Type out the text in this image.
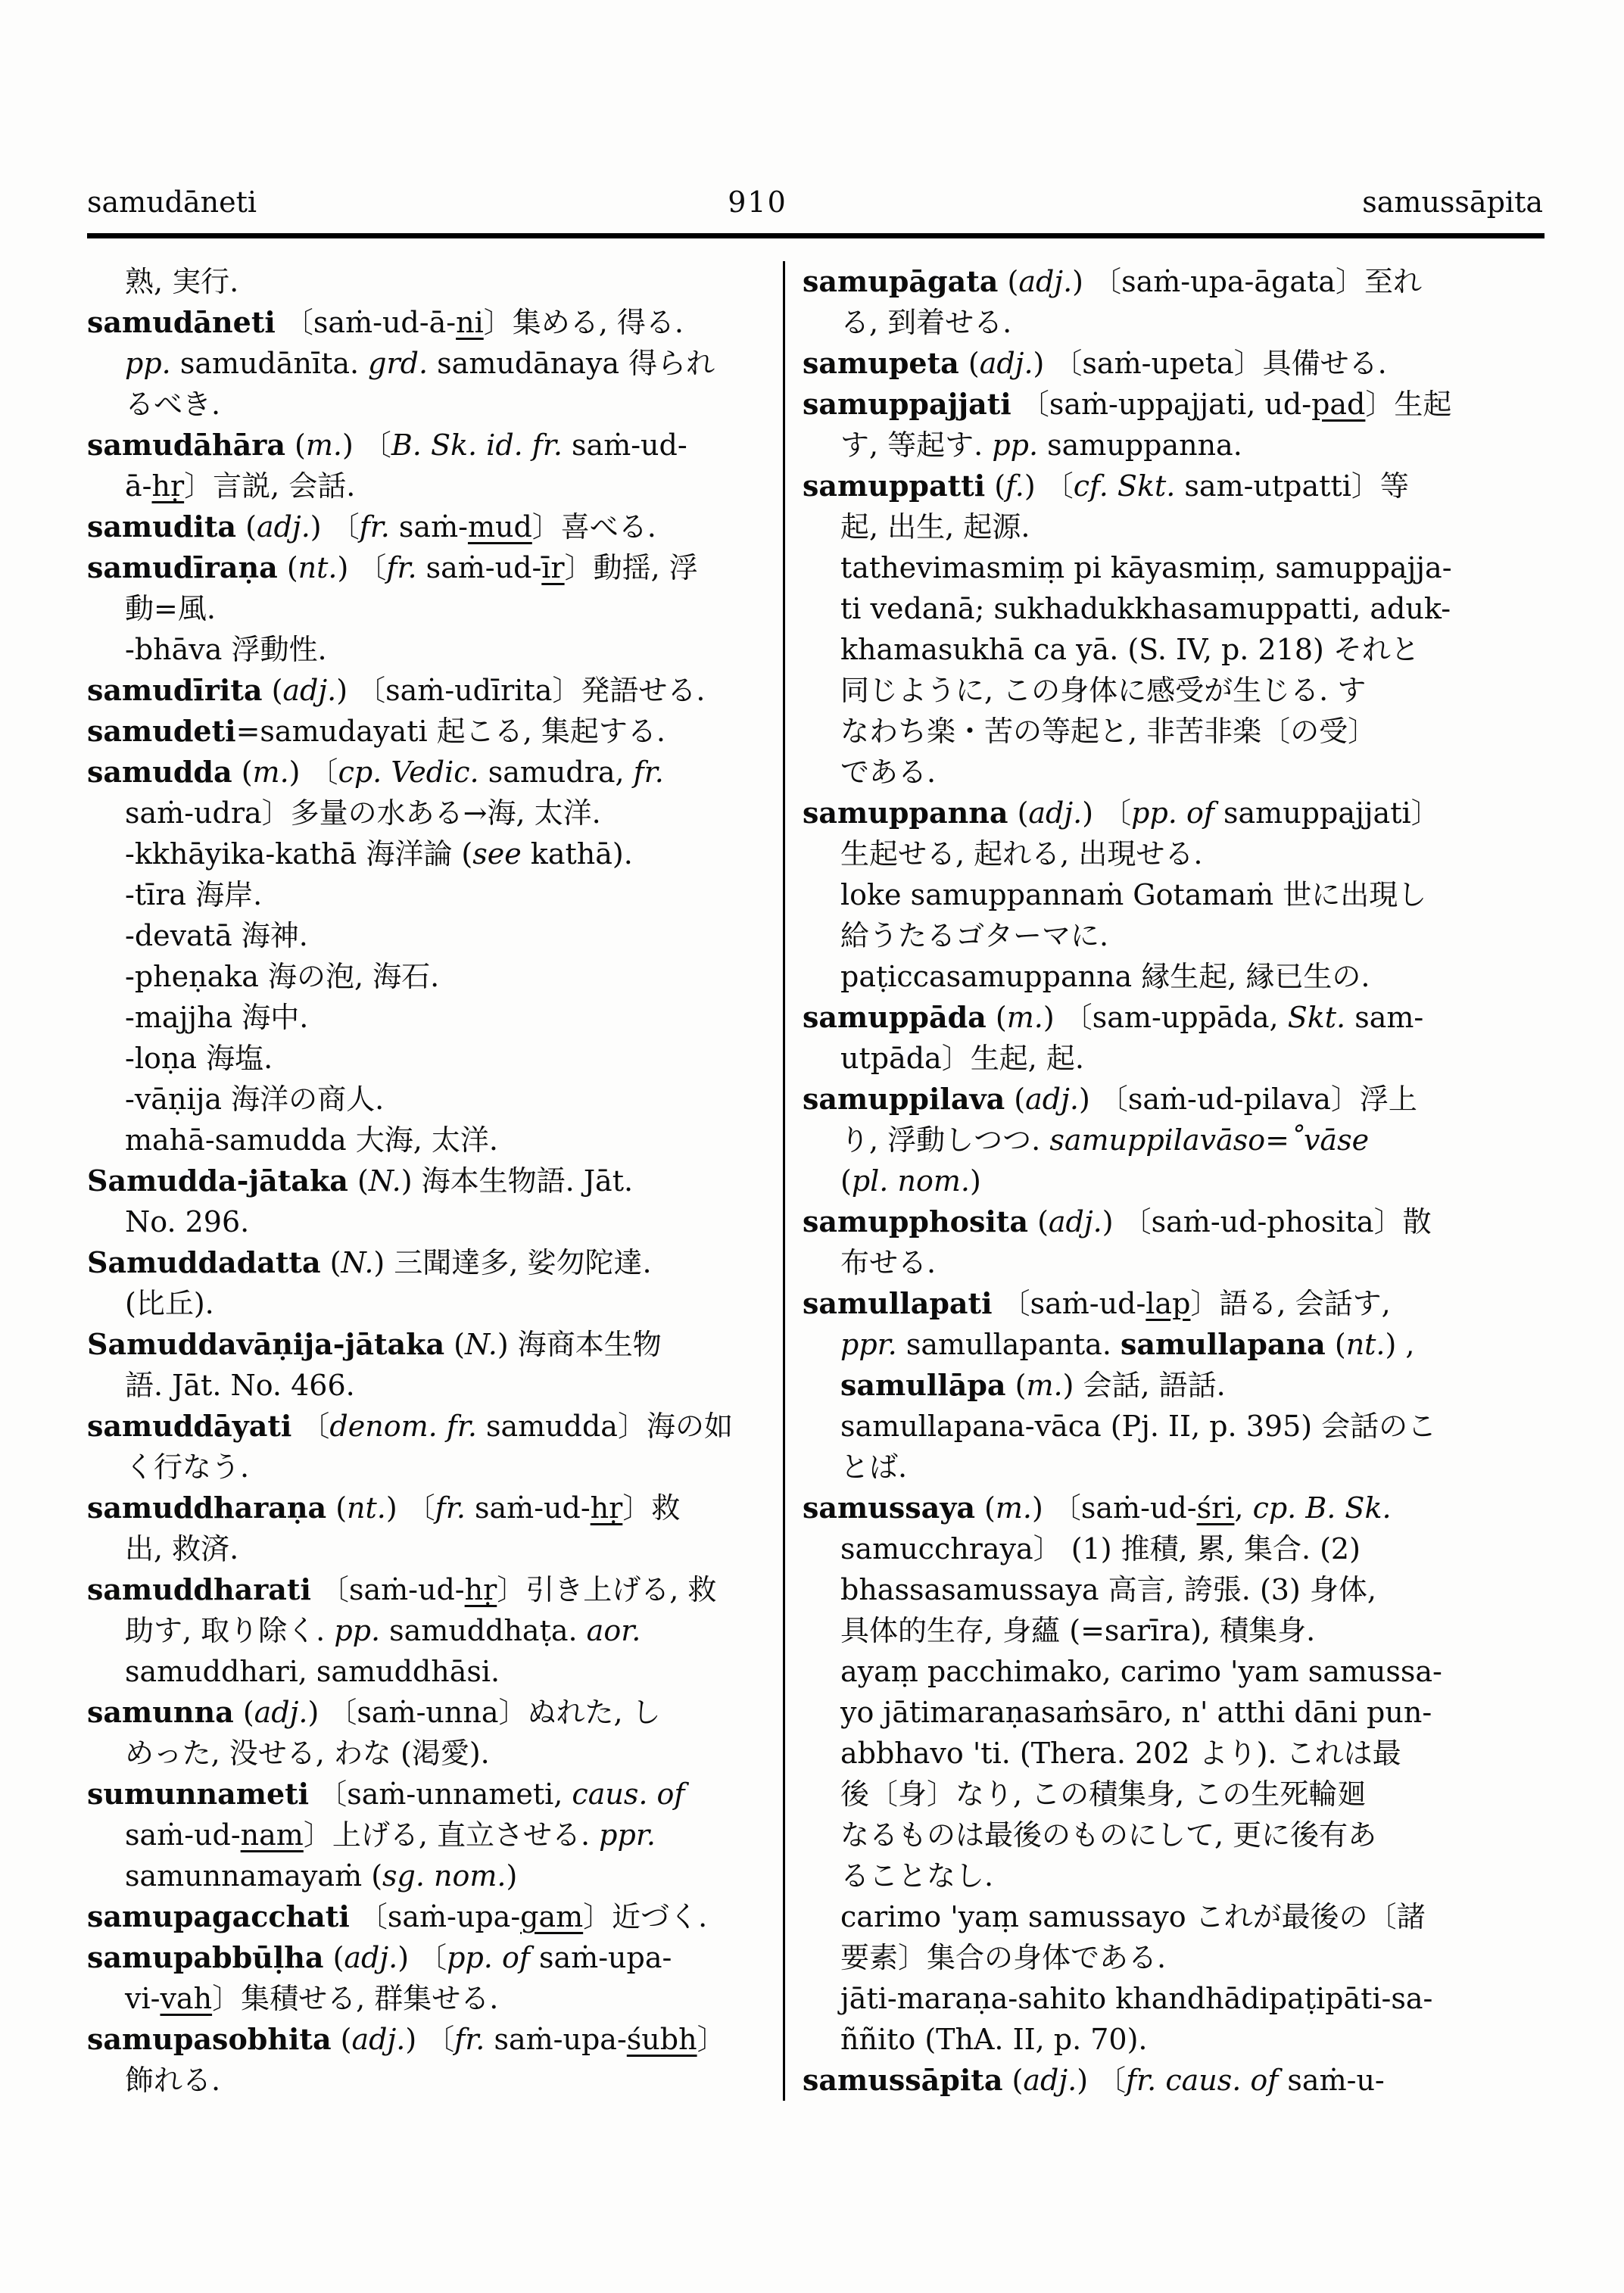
samudāneti	910	samussāpita
熟, 実行.
samudāneti 〔saṁ-ud-ā-ni〕集める, 得る.
pp. samudānīta. grd. samudānaya 得られ
るべき.
samudāhāra (m.) 〔B. Sk. id. fr. saṁ-ud-
ā-hṛ〕言説, 会話.
samudita (adj.) 〔fr. saṁ-mud〕喜べる.
samudīraṇa (nt.) 〔fr. saṁ-ud-īr〕動揺, 浮
動=風.
-bhāva 浮動性.
samudīrita (adj.) 〔saṁ-udīrita〕発語せる.
samudeti=samudayati 起こる, 集起する.
samudda (m.) 〔cp. Vedic. samudra, fr.
saṁ-udra〕多量の水ある→海, 太洋.
-kkhāyika-kathā 海洋論 (see kathā).
-tīra 海岸.
-devatā 海神.
-pheṇaka 海の泡, 海石.
-majjha 海中.
-loṇa 海塩.
-vāṇija 海洋の商人.
mahā-samudda 大海, 太洋.
Samudda-jātaka (N.) 海本生物語. Jāt.
No. 296.
Samuddadatta (N.) 三聞達多, 娑勿陀達.
(比丘).
Samuddavāṇija-jātaka (N.) 海商本生物
語. Jāt. No. 466.
samuddāyati 〔denom. fr. samudda〕海の如
く行なう.
samuddharaṇa (nt.) 〔fr. saṁ-ud-hṛ〕救
出, 救済.
samuddharati 〔saṁ-ud-hṛ〕引き上げる, 救
助す, 取り除く. pp. samuddhaṭa. aor.
samuddhari, samuddhāsi.
samunna (adj.) 〔saṁ-unna〕ぬれた, し
めった, 没せる, わな (渇愛).
sumunnameti 〔saṁ-unnameti, caus. of
saṁ-ud-nam〕上げる, 直立させる. ppr.
samunnamayaṁ (sg. nom.)
samupagacchati 〔saṁ-upa-gam〕近づく.
samupabbūḷha (adj.) 〔pp. of saṁ-upa-
vi-vah〕集積せる, 群集せる.
samupasobhita (adj.) 〔fr. saṁ-upa-śubh〕
飾れる.
samupāgata (adj.) 〔saṁ-upa-āgata〕至れ
る, 到着せる.
samupeta (adj.) 〔saṁ-upeta〕具備せる.
samuppajjati 〔saṁ-uppajjati, ud-pad〕生起
す, 等起す. pp. samuppanna.
samuppatti (f.) 〔cf. Skt. sam-utpatti〕等
起, 出生, 起源.
tathevimasmiṃ pi kāyasmiṃ, samuppajja-
ti vedanā; sukhadukkhasamuppatti, aduk-
khamasukhā ca yā. (S. IV, p. 218) それと
同じように, この身体に感受が生じる. す
なわち楽・苦の等起と, 非苦非楽〔の受〕
である.
samuppanna (adj.) 〔pp. of samuppajjati〕
生起せる, 起れる, 出現せる.
loke samuppannaṁ Gotamaṁ 世に出現し
給うたるゴターマに.
paṭiccasamuppanna 縁生起, 縁已生の.
samuppāda (m.) 〔sam-uppāda, Skt. sam-
utpāda〕生起, 起.
samuppilava (adj.) 〔saṁ-ud-pilava〕浮上
り, 浮動しつつ. samuppilavāso=˚vāse
(pl. nom.)
samupphosita (adj.) 〔saṁ-ud-phosita〕散
布せる.
samullapati 〔saṁ-ud-lap〕語る, 会話す,
ppr. samullapanta. samullapana (nt.) ,
samullāpa (m.) 会話, 語話.
samullapana-vāca (Pj. II, p. 395) 会話のこ
とば.
samussaya (m.) 〔saṁ-ud-śri, cp. B. Sk.
samucchraya〕 (1) 推積, 累, 集合. (2)
bhassasamussaya 高言, 誇張. (3) 身体,
具体的生存, 身蘊 (=sarīra), 積集身.
ayaṃ pacchimako, carimo 'yam samussa-
yo jātimaraṇasaṁsāro, n' atthi dāni pun-
abbhavo 'ti. (Thera. 202 より). これは最
後〔身〕なり, この積集身, この生死輪廻
なるものは最後のものにして, 更に後有あ
ることなし.
carimo 'yaṃ samussayo これが最後の〔諸
要素〕集合の身体である.
jāti-maraṇa-sahito khandhādipaṭipāti-sa-
ññito (ThA. II, p. 70).
samussāpita (adj.) 〔fr. caus. of saṁ-u-
